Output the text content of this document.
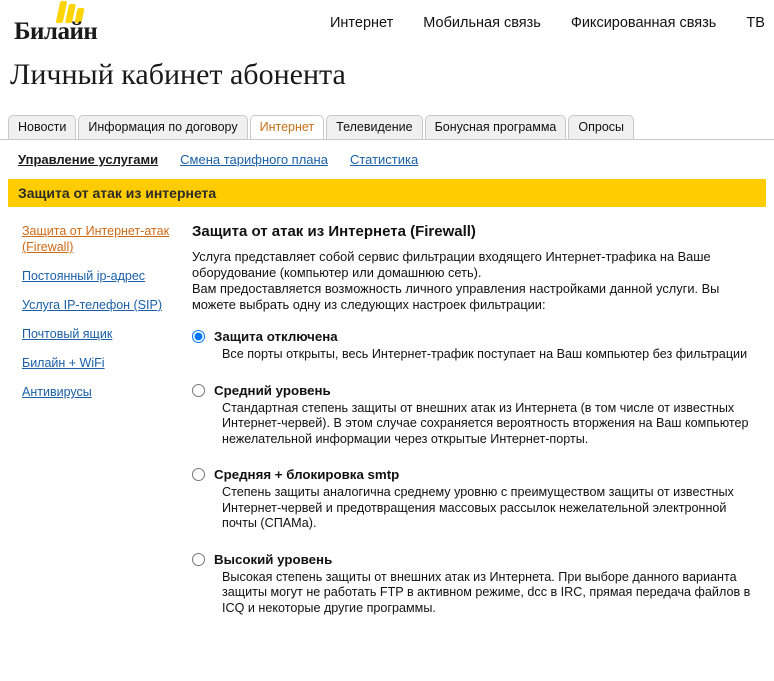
Билайн	Интернет Мобильная связь Фиксированная связь ТВ
Личный кабинет абонента
Новости	Информация по договору	Интернет	Телевидение	Бонусная программа	Опросы
Управление услугами Смена тарифного плана Статистика
Защита от атак из интернета
Защита от Интернет-атак (Firewall)
Постоянный ip-адрес
Услуга IP-телефон (SIP)
Почтовый ящик
Билайн + WiFi
Антивирусы
Защита от атак из Интернета (Firewall)

Услуга представляет собой сервис фильтрации входящего Интернет-трафика на Ваше оборудование (компьютер или домашнюю сеть).

Вам предоставляется возможность личного управления настройками данной услуги. Вы можете выбрать одну из следующих настроек фильтрации:

Защита отключена
Все порты открыты, весь Интернет-трафик поступает на Ваш компьютер без фильтрации
Средний уровень
Стандартная степень защиты от внешних атак из Интернета (в том числе от известных Интернет-червей). В этом случае сохраняется вероятность вторжения на Ваш компьютер нежелательной информации через открытые Интернет-порты.
Средняя + блокировка smtp
Степень защиты аналогична среднему уровню с преимуществом защиты от известных Интернет-червей и предотвращения массовых рассылок нежелательной электронной почты (СПАМа).
Высокий уровень
Высокая степень защиты от внешних атак из Интернета. При выборе данного варианта защиты могут не работать FTP в активном режиме, dcc в IRC, прямая передача файлов в ICQ и некоторые другие программы.
